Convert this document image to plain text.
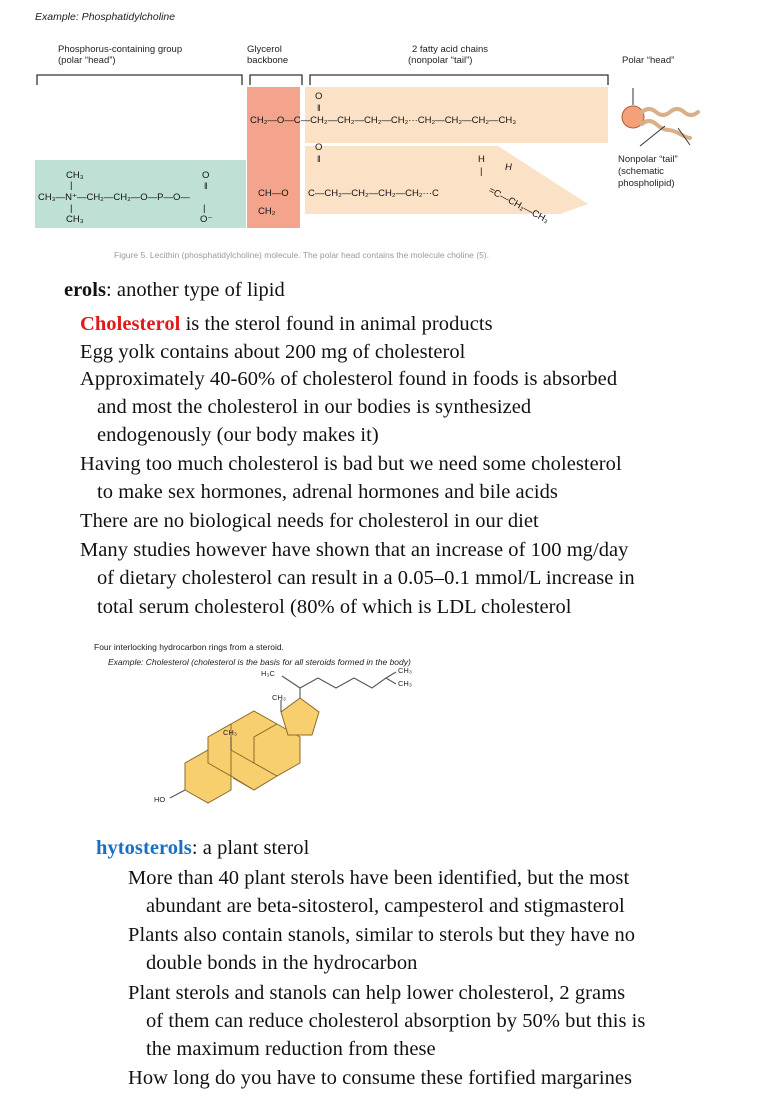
Example: Phosphatidylcholine
Phosphorus-containing group (polar “head”)
Glycerol backbone
2 fatty acid chains (nonpolar “tail”)	Polar “head”
CH₂—O—C—CH₂—CH₂—CH₂—CH₂···CH₂—CH₂—CH₂—CH₃
O
‖
O
‖
CH—O C—CH₂—CH₂—CH₂—CH₂···C
H
| H
=C—CH₂—CH₃
CH₂
CH₃
|
CH₃—N⁺—CH₂—CH₂—O—P—O—
|
CH₃
O
‖
|
O⁻
Nonpolar “tail” (schematic phospholipid)
Figure 5. Lecithin (phosphatidylcholine) molecule. The polar head contains the molecule choline (5).
erols: another type of lipid
Cholesterol is the sterol found in animal products
Egg yolk contains about 200 mg of cholesterol
Approximately 40-60% of cholesterol found in foods is absorbed
and most the cholesterol in our bodies is synthesized
endogenously (our body makes it)
Having too much cholesterol is bad but we need some cholesterol
to make sex hormones, adrenal hormones and bile acids
There are no biological needs for cholesterol in our diet
Many studies however have shown that an increase of 100 mg/day
of dietary cholesterol can result in a 0.05–0.1 mmol/L increase in
total serum cholesterol (80% of which is LDL cholesterol
Four interlocking hydrocarbon rings from a steroid.
Example: Cholesterol (cholesterol is the basis for all steroids formed in the body)
H₃C	CH₃
CH₃
CH₃
CH₃
HO
hytosterols: a plant sterol
More than 40 plant sterols have been identified, but the most
abundant are beta-sitosterol, campesterol and stigmasterol
Plants also contain stanols, similar to sterols but they have no
double bonds in the hydrocarbon
Plant sterols and stanols can help lower cholesterol, 2 grams
of them can reduce cholesterol absorption by 50% but this is
the maximum reduction from these
How long do you have to consume these fortified margarines
